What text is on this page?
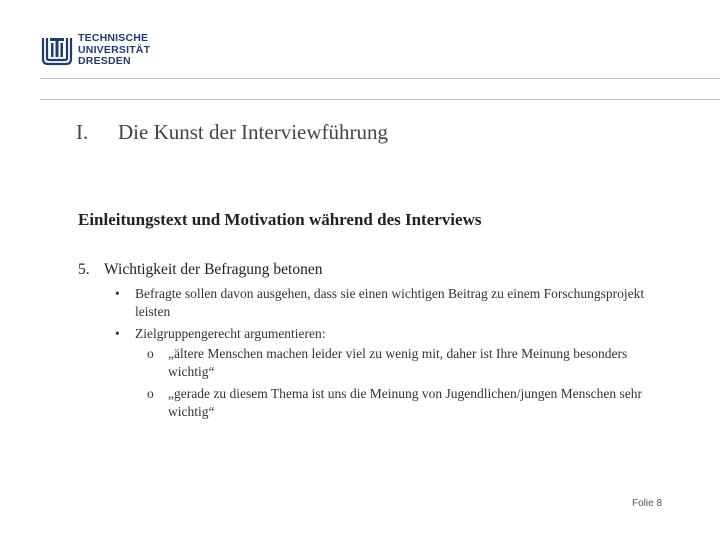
TECHNISCHE
UNIVERSITÄT
DRESDEN
I. Die Kunst der Interviewführung
Einleitungstext und Motivation während des Interviews
5. Wichtigkeit der Befragung betonen
• Befragte sollen davon ausgehen, dass sie einen wichtigen Beitrag zu einem Forschungsprojekt leisten
• Zielgruppengerecht argumentieren:
o „ältere Menschen machen leider viel zu wenig mit, daher ist Ihre Meinung besonders wichtig“
o „gerade zu diesem Thema ist uns die Meinung von Jugendlichen/jungen Menschen sehr wichtig“
Folie 8
